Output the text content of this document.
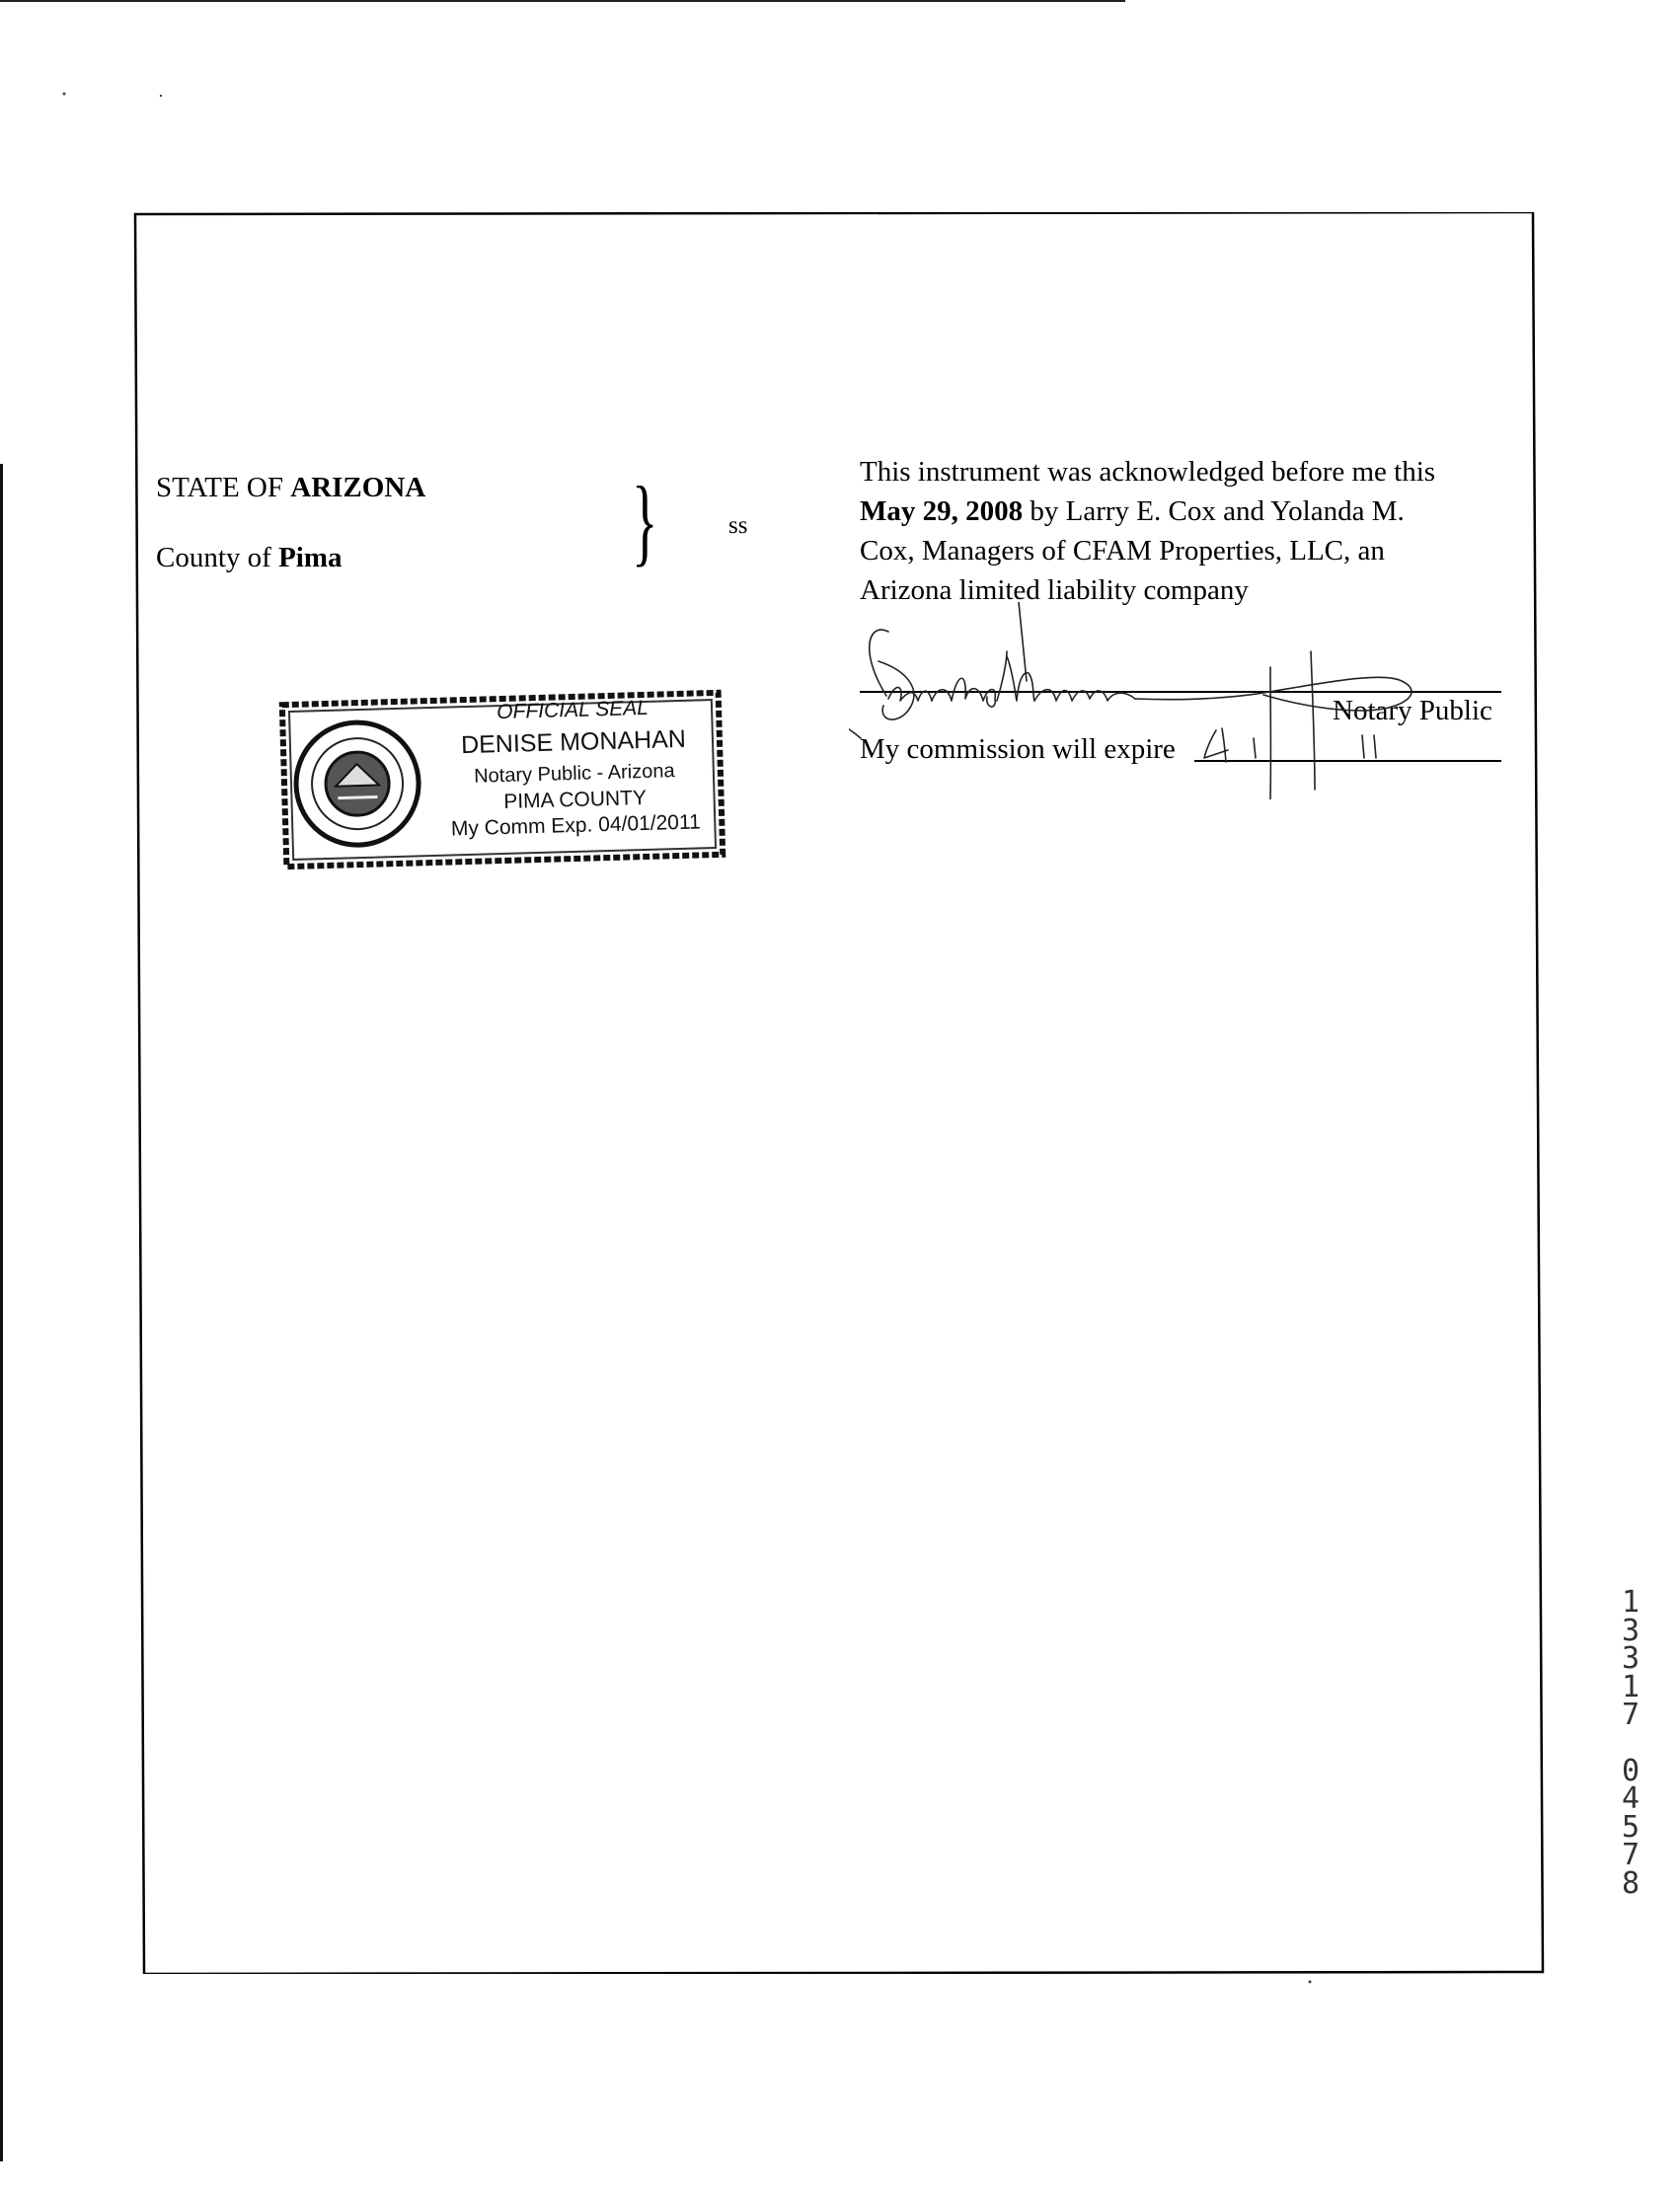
STATE OF ARIZONA
County of Pima	}	ss
This instrument was acknowledged before me this
May 29, 2008 by Larry E. Cox and Yolanda M.
Cox, Managers of CFAM Properties, LLC, an
Arizona limited liability company
Notary Public
My commission will expire
OFFICIAL SEAL
DENISE MONAHAN
Notary Public - Arizona
PIMA COUNTY
My Comm Exp. 04/01/2011
1
3
3
1
7
0
4
5
7
8
